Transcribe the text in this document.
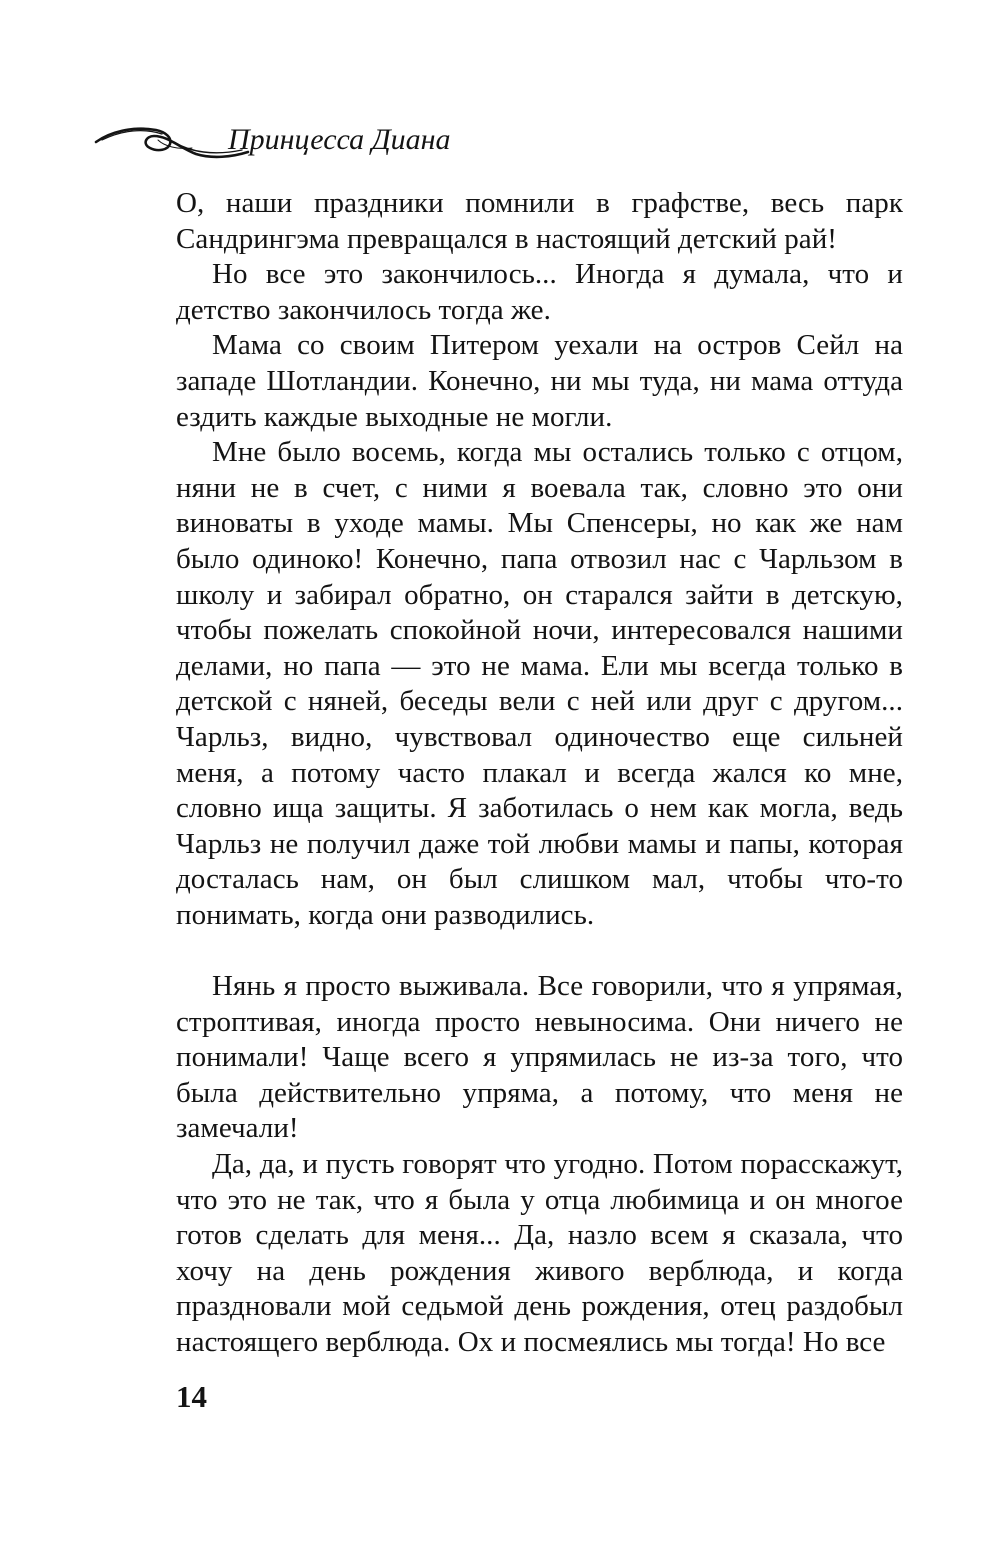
Принцесса Диана

О, наши праздники помнили в графстве, весь парк Сандрингэма превращался в настоящий детский рай!

Но все это закончилось... Иногда я думала, что и детство закончилось тогда же.

Мама со своим Питером уехали на остров Сейл на западе Шотландии. Конечно, ни мы туда, ни мама оттуда ездить каждые выходные не могли.

Мне было восемь, когда мы остались только с отцом, няни не в счет, с ними я воевала так, словно это они виноваты в уходе мамы. Мы Спенсеры, но как же нам было одиноко! Конечно, папа отвозил нас с Чарльзом в школу и забирал обратно, он старался зайти в детскую, чтобы пожелать спокойной ночи, интересовался нашими делами, но папа — это не мама. Ели мы всегда только в детской с няней, беседы вели с ней или друг с другом... Чарльз, видно, чувствовал одиночество еще сильней меня, а потому часто плакал и всегда жался ко мне, словно ища защиты. Я заботилась о нем как могла, ведь Чарльз не получил даже той любви мамы и папы, которая досталась нам, он был слишком мал, чтобы что-то понимать, когда они разводились.

Нянь я просто выживала. Все говорили, что я упрямая, строптивая, иногда просто невыносима. Они ничего не понимали! Чаще всего я упрямилась не из-за того, что была действительно упряма, а потому, что меня не замечали!

Да, да, и пусть говорят что угодно. Потом порасскажут, что это не так, что я была у отца любимица и он многое готов сделать для меня... Да, назло всем я сказала, что хочу на день рождения живого верблюда, и когда праздновали мой седьмой день рождения, отец раздобыл настоящего верблюда. Ох и посмеялись мы тогда! Но все

14
